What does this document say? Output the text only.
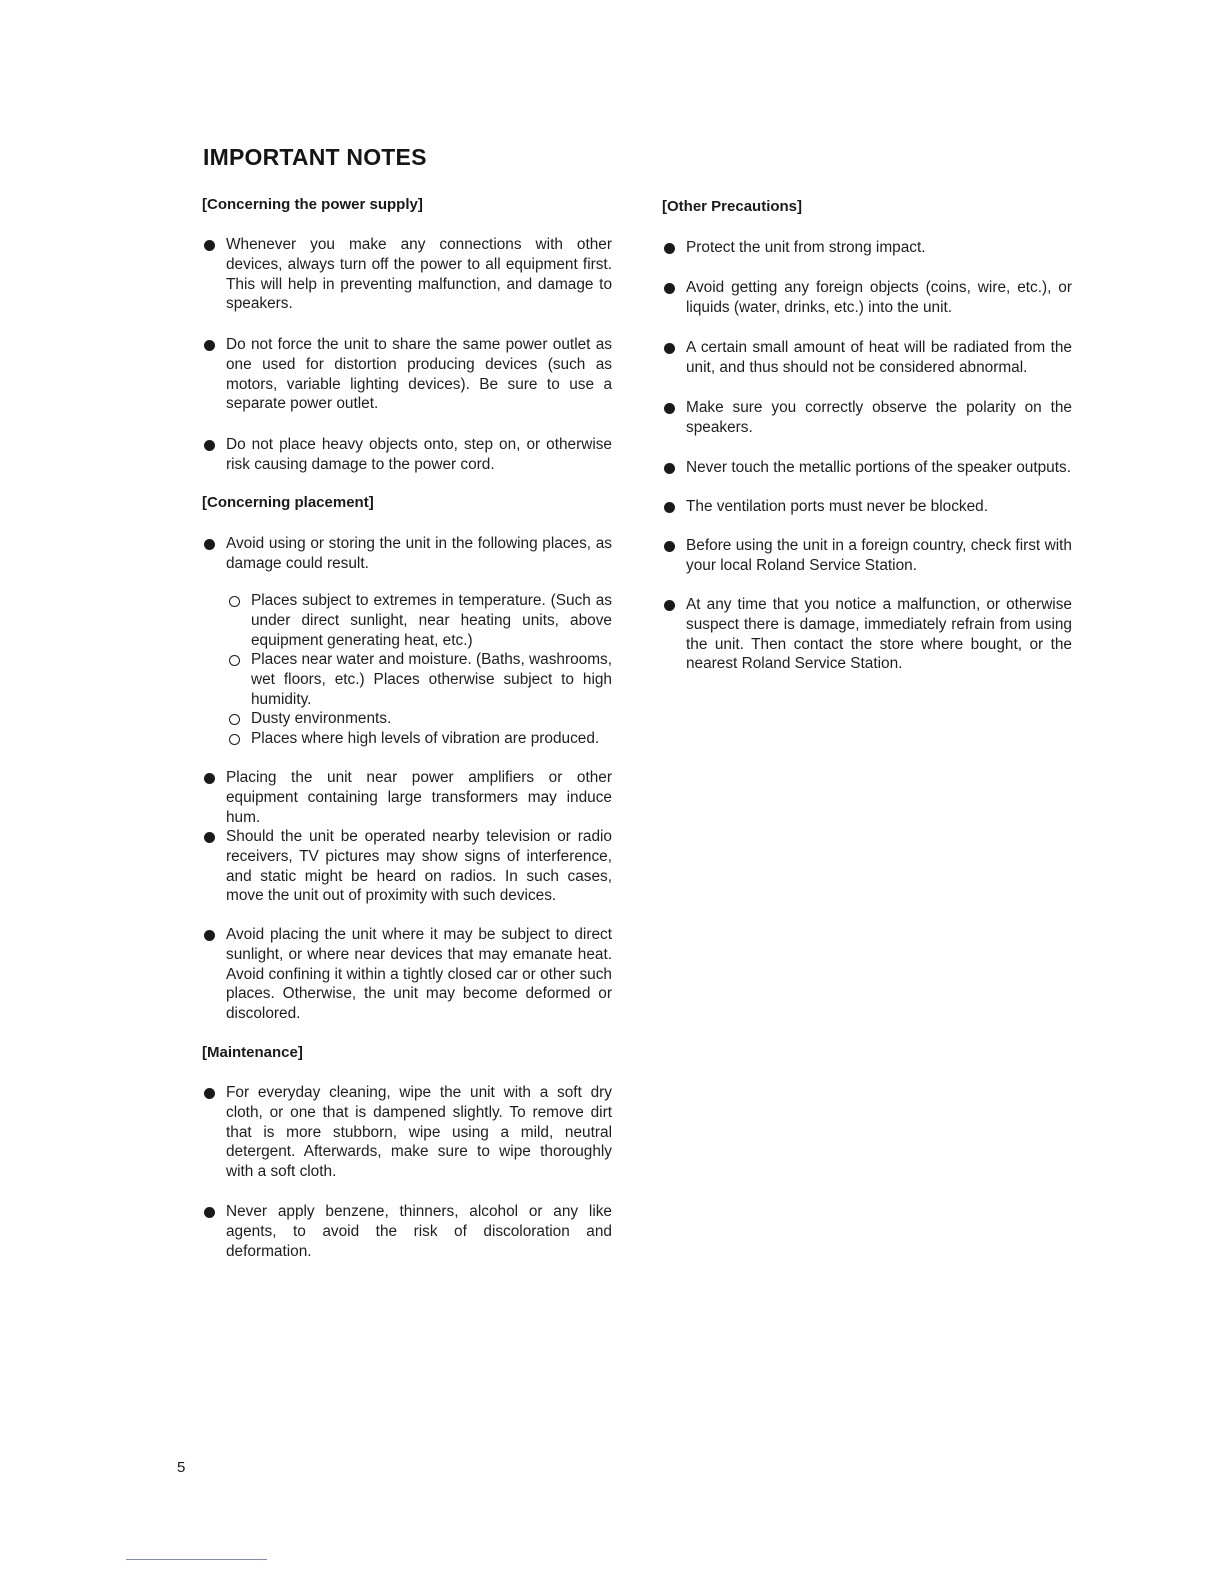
IMPORTANT NOTES
[Concerning the power supply]
Whenever you make any connections with other devices, always turn off the power to all equipment first. This will help in preventing malfunction, and damage to speakers.
Do not force the unit to share the same power outlet as one used for distortion producing devices (such as motors, variable lighting devices). Be sure to use a separate power outlet.
Do not place heavy objects onto, step on, or otherwise risk causing damage to the power cord.
[Concerning placement]
Avoid using or storing the unit in the following places, as damage could result.
Places subject to extremes in temperature. (Such as under direct sunlight, near heating units, above equipment generating heat, etc.)
Places near water and moisture. (Baths, washrooms, wet floors, etc.) Places otherwise subject to high humidity.
Dusty environments.
Places where high levels of vibration are produced.
Placing the unit near power amplifiers or other equipment containing large transformers may induce hum.
Should the unit be operated nearby television or radio receivers, TV pictures may show signs of interference, and static might be heard on radios. In such cases, move the unit out of proximity with such devices.
Avoid placing the unit where it may be subject to direct sunlight, or where near devices that may emanate heat. Avoid confining it within a tightly closed car or other such places. Otherwise, the unit may become deformed or discolored.
[Maintenance]
For everyday cleaning, wipe the unit with a soft dry cloth, or one that is dampened slightly. To remove dirt that is more stubborn, wipe using a mild, neutral detergent. Afterwards, make sure to wipe thoroughly with a soft cloth.
Never apply benzene, thinners, alcohol or any like agents, to avoid the risk of discoloration and deformation.
[Other Precautions]
Protect the unit from strong impact.
Avoid getting any foreign objects (coins, wire, etc.), or liquids (water, drinks, etc.) into the unit.
A certain small amount of heat will be radiated from the unit, and thus should not be considered abnormal.
Make sure you correctly observe the polarity on the speakers.
Never touch the metallic portions of the speaker outputs.
The ventilation ports must never be blocked.
Before using the unit in a foreign country, check first with your local Roland Service Station.
At any time that you notice a malfunction, or otherwise suspect there is damage, immediately refrain from using the unit. Then contact the store where bought, or the nearest Roland Service Station.
5
